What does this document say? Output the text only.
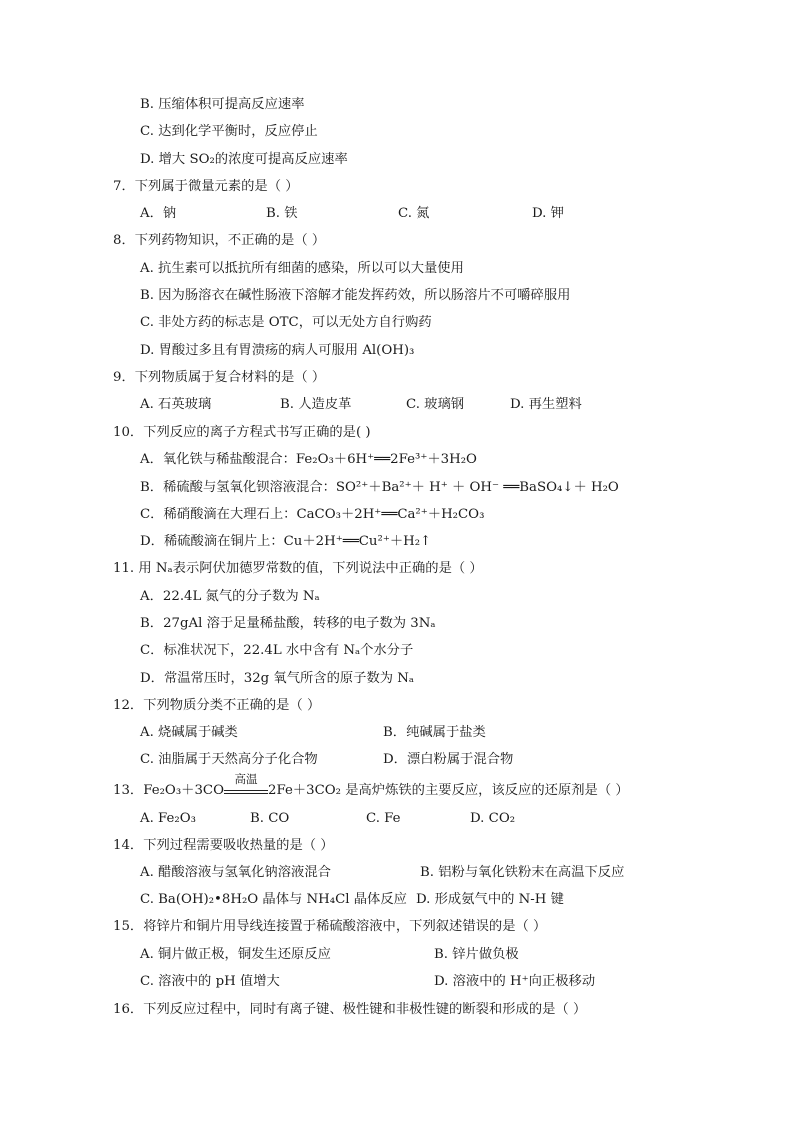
B. 压缩体积可提高反应速率
C. 达到化学平衡时，反应停止
D. 增大 SO₂的浓度可提高反应速率
7．下列属于微量元素的是（ ）
A．钠	B. 铁	C. 氮	D. 钾
8．下列药物知识，不正确的是（ ）
A. 抗生素可以抵抗所有细菌的感染，所以可以大量使用
B. 因为肠溶衣在碱性肠液下溶解才能发挥药效，所以肠溶片不可嚼碎服用
C. 非处方药的标志是 OTC，可以无处方自行购药
D. 胃酸过多且有胃溃疡的病人可服用 Al(OH)₃
9．下列物质属于复合材料的是（ ）
A. 石英玻璃	B. 人造皮革	C. 玻璃钢	D. 再生塑料
10．下列反应的离子方程式书写正确的是( )
A．氧化铁与稀盐酸混合：Fe₂O₃＋6H⁺══2Fe³⁺＋3H₂O
B．稀硫酸与氢氧化钡溶液混合：SO²⁺＋Ba²⁺＋ H⁺ ＋ OH⁻ ══BaSO₄↓＋ H₂O
C．稀硝酸滴在大理石上：CaCO₃＋2H⁺══Ca²⁺＋H₂CO₃
D．稀硫酸滴在铜片上：Cu＋2H⁺══Cu²⁺＋H₂↑
11. 用 Nₐ表示阿伏加德罗常数的值，下列说法中正确的是（ ）
A．22.4L 氮气的分子数为 Nₐ
B．27gAl 溶于足量稀盐酸，转移的电子数为 3Nₐ
C．标准状况下，22.4L 水中含有 Nₐ个水分子
D．常温常压时，32g 氧气所含的原子数为 Nₐ
12．下列物质分类不正确的是（ ）
A. 烧碱属于碱类	B．纯碱属于盐类
C. 油脂属于天然高分子化合物	D．漂白粉属于混合物
13．Fe₂O₃＋3CO
高温
2Fe＋3CO₂ 是高炉炼铁的主要反应，该反应的还原剂是（ ）
A. Fe₂O₃	B. CO	C. Fe	D. CO₂
14．下列过程需要吸收热量的是（ ）
A. 醋酸溶液与氢氧化钠溶液混合	B. 铝粉与氧化铁粉末在高温下反应
C. Ba(OH)₂•8H₂O 晶体与 NH₄Cl 晶体反应 D. 形成氨气中的 N-H 键
15．将锌片和铜片用导线连接置于稀硫酸溶液中，下列叙述错误的是（ ）
A. 铜片做正极，铜发生还原反应	B. 锌片做负极
C. 溶液中的 pH 值增大	D. 溶液中的 H⁺向正极移动
16．下列反应过程中，同时有离子键、极性键和非极性键的断裂和形成的是（ ）
